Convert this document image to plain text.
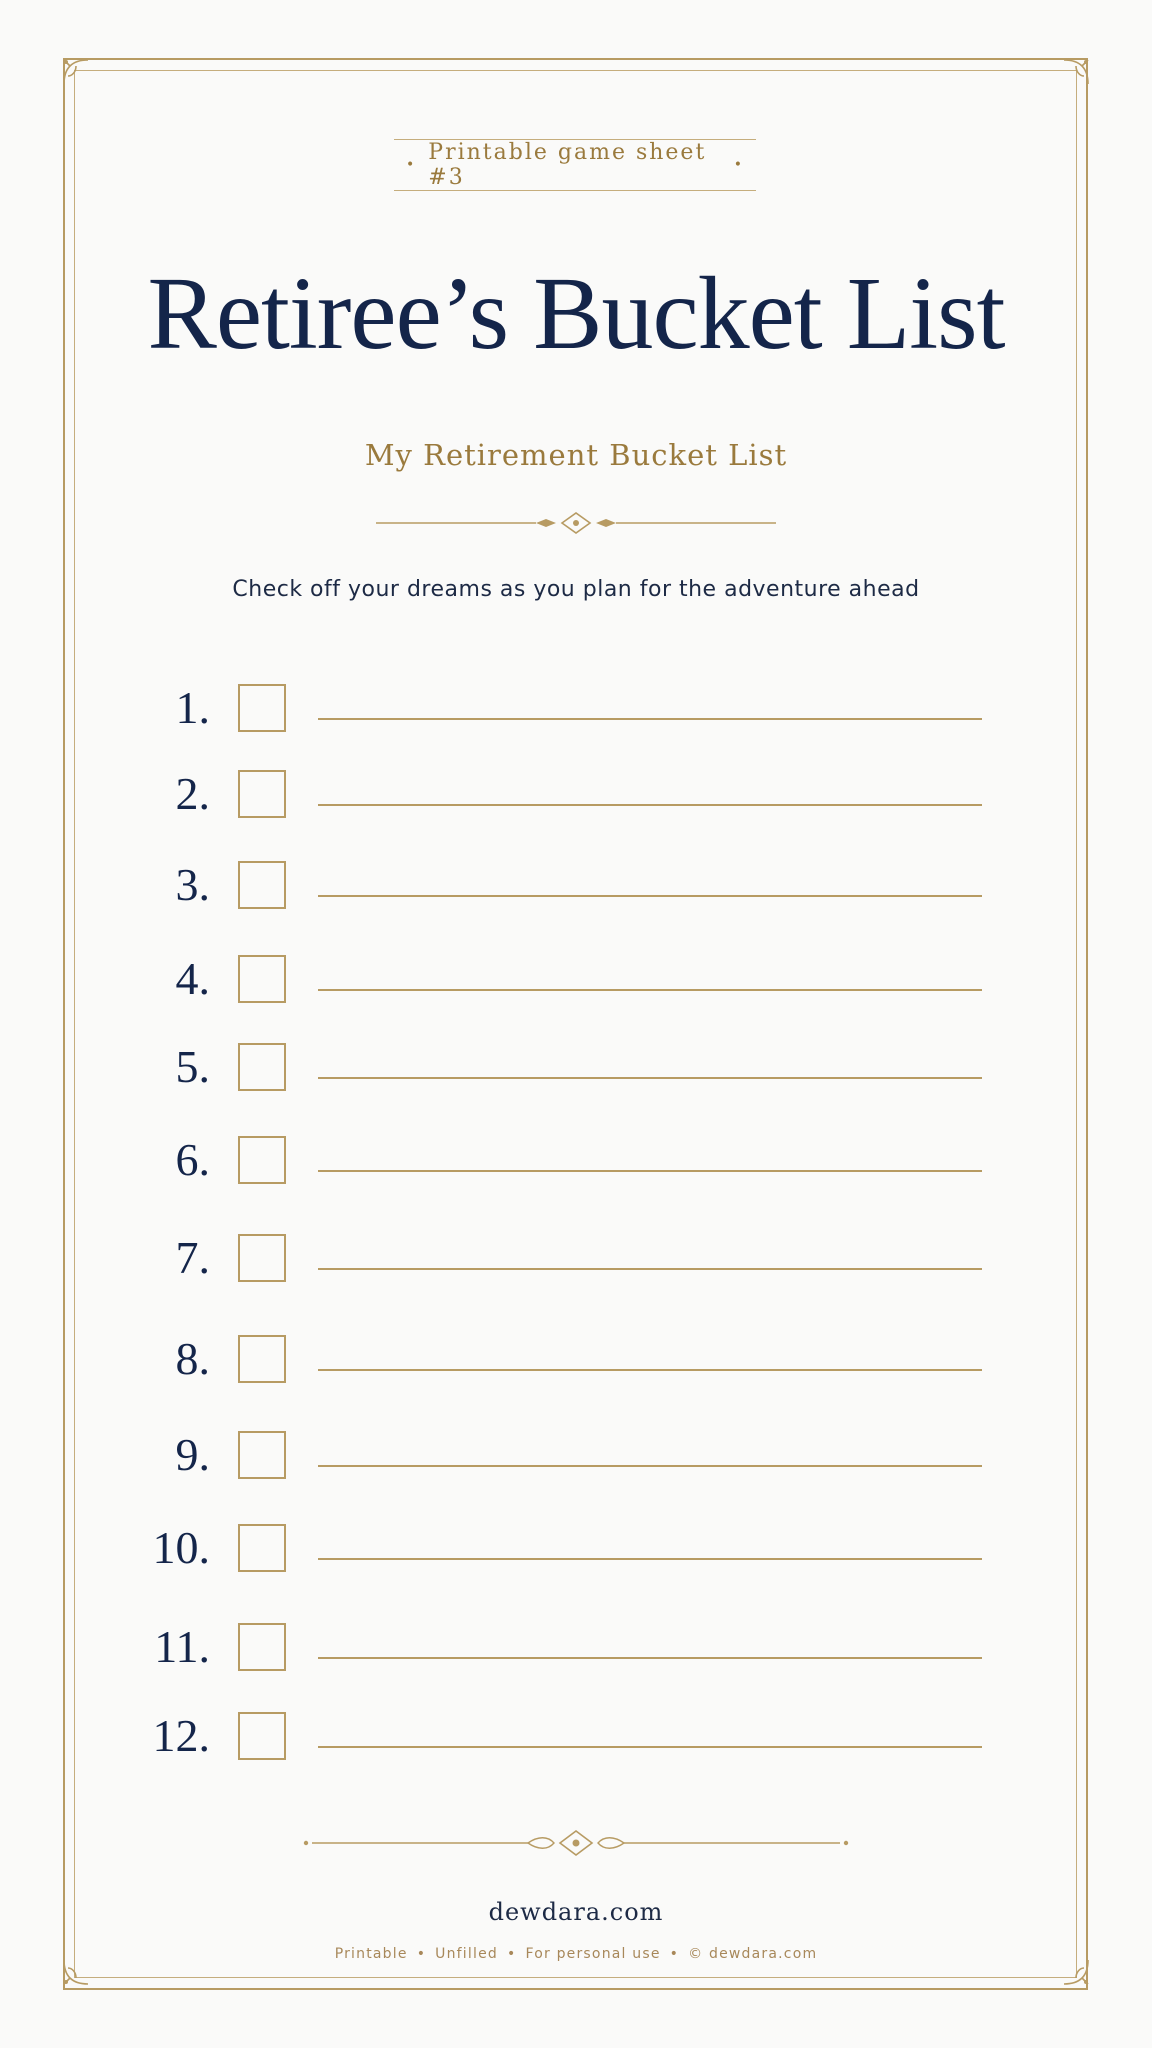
• Printable game sheet #3	•
Retiree’s Bucket List
My Retirement Bucket List
Check off your dreams as you plan for the adventure ahead
1.
2.
3.
4.
5.
6.
7.
8.
9.
10.
11.
12.
dewdara.com
Printable • Unfilled • For personal use • © dewdara.com
